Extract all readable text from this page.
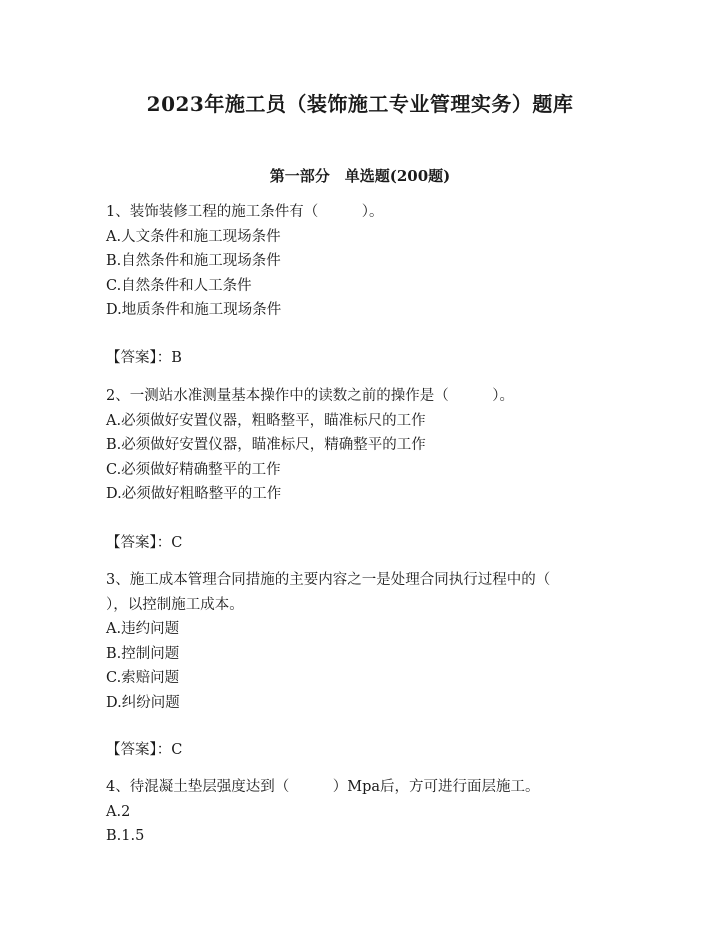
2023年施工员（装饰施工专业管理实务）题库
第一部分　单选题(200题)
1、装饰装修工程的施工条件有（　　　）。
A.人文条件和施工现场条件
B.自然条件和施工现场条件
C.自然条件和人工条件
D.地质条件和施工现场条件
【答案】：B
2、一测站水准测量基本操作中的读数之前的操作是（　　　）。
A.必须做好安置仪器，粗略整平，瞄准标尺的工作
B.必须做好安置仪器，瞄准标尺，精确整平的工作
C.必须做好精确整平的工作
D.必须做好粗略整平的工作
【答案】：C
3、施工成本管理合同措施的主要内容之一是处理合同执行过程中的（
），以控制施工成本。
A.违约问题
B.控制问题
C.索赔问题
D.纠纷问题
【答案】：C
4、待混凝土垫层强度达到（　　　）Mpa后，方可进行面层施工。
A.2
B.1.5
